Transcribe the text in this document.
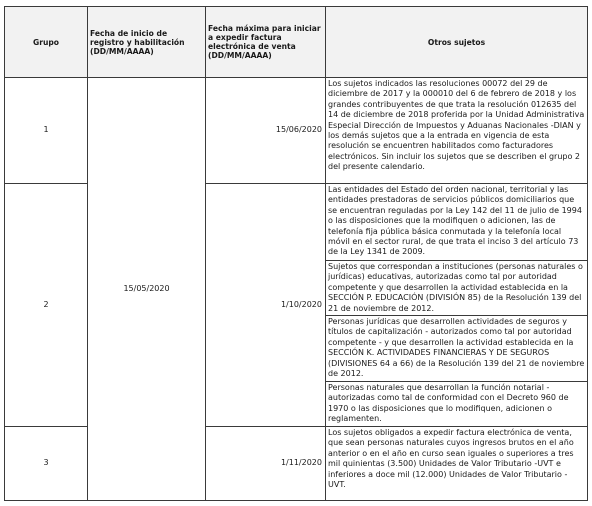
Grupo	Fecha de inicio de registro y habilitación (DD/MM/AAAA)	Fecha máxima para iniciar a expedir factura electrónica de venta (DD/MM/AAAA)	Otros sujetos
1	15/05/2020	15/06/2020	Los sujetos indicados las resoluciones 00072 del 29 de diciembre de 2017 y la 000010 del 6 de febrero de 2018 y los grandes contribuyentes de que trata la resolución 012635 del 14 de diciembre de 2018 proferida por la Unidad Administrativa Especial Dirección de Impuestos y Aduanas Nacionales -DIAN y los demás sujetos que a la entrada en vigencia de esta resolución se encuentren habilitados como facturadores electrónicos. Sin incluir los sujetos que se describen el grupo 2 del presente calendario.
2		1/10/2020	Las entidades del Estado del orden nacional, territorial y las entidades prestadoras de servicios públicos domiciliarios que se encuentran reguladas por la Ley 142 del 11 de julio de 1994 o las disposiciones que la modifiquen o adicionen, las de telefonía fija pública básica conmutada y la telefonía local móvil en el sector rural, de que trata el inciso 3 del artículo 73 de la Ley 1341 de 2009.
			Sujetos que correspondan a instituciones (personas naturales o jurídicas) educativas, autorizadas como tal por autoridad competente y que desarrollen la actividad establecida en la SECCIÓN P. EDUCACIÓN (DIVISIÓN 85) de la Resolución 139 del 21 de noviembre de 2012.
			Personas jurídicas que desarrollen actividades de seguros y títulos de capitalización - autorizados como tal por autoridad competente - y que desarrollen la actividad establecida en la SECCIÓN K. ACTIVIDADES FINANCIERAS Y DE SEGUROS (DIVISIONES 64 a 66) de la Resolución 139 del 21 de noviembre de 2012.
			Personas naturales que desarrollan la función notarial - autorizadas como tal de conformidad con el Decreto 960 de 1970 o las disposiciones que lo modifiquen, adicionen o reglamenten.
3		1/11/2020	Los sujetos obligados a expedir factura electrónica de venta, que sean personas naturales cuyos ingresos brutos en el año anterior o en el año en curso sean iguales o superiores a tres mil quinientas (3.500) Unidades de Valor Tributario -UVT e inferiores a doce mil (12.000) Unidades de Valor Tributario - UVT.
